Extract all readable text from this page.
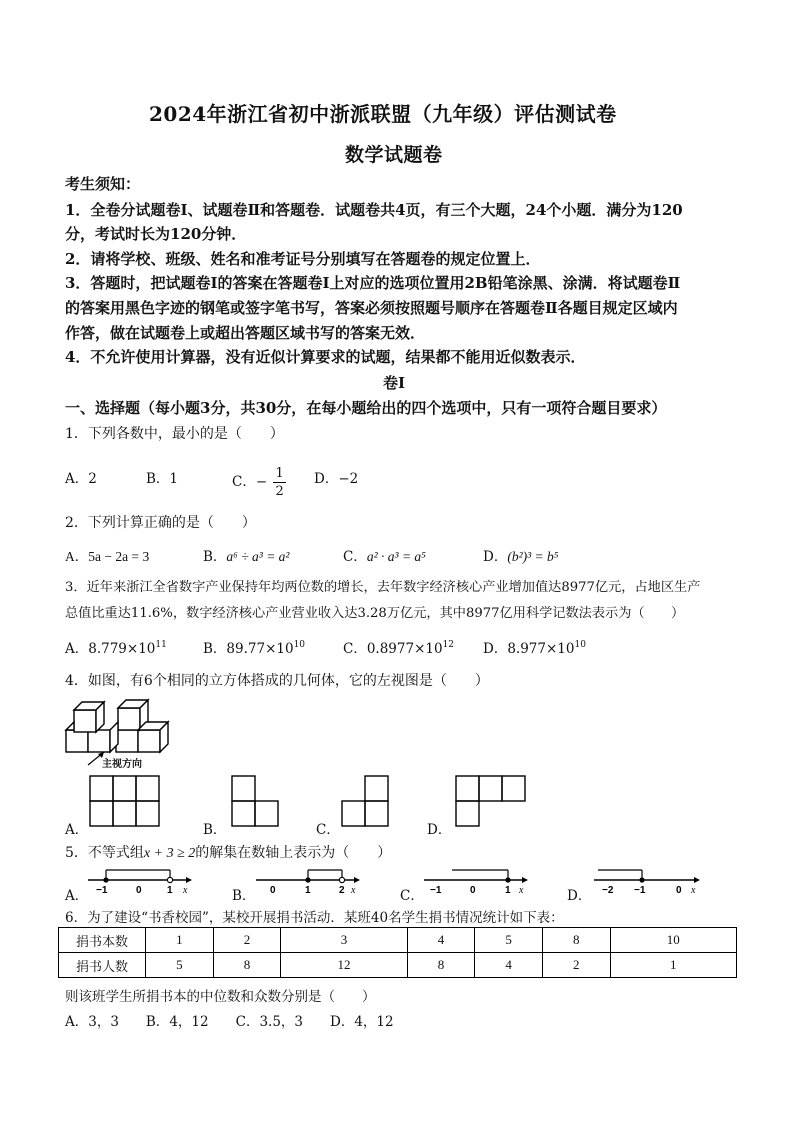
2024年浙江省初中浙派联盟（九年级）评估测试卷
数学试题卷
考生须知：
1．全卷分试题卷Ⅰ、试题卷Ⅱ和答题卷．试题卷共4页，有三个大题，24个小题．满分为120
分，考试时长为120分钟．
2．请将学校、班级、姓名和准考证号分别填写在答题卷的规定位置上．
3．答题时，把试题卷Ⅰ的答案在答题卷Ⅰ上对应的选项位置用2B铅笔涂黑、涂满．将试题卷Ⅱ
的答案用黑色字迹的钢笔或签字笔书写，答案必须按照题号顺序在答题卷Ⅱ各题目规定区域内
作答，做在试题卷上或超出答题区域书写的答案无效．
4．不允许使用计算器，没有近似计算要求的试题，结果都不能用近似数表示．
卷Ⅰ
一、选择题（每小题3分，共30分，在每小题给出的四个选项中，只有一项符合题目要求）
1．下列各数中，最小的是（　　）
A．2	B．1	C．− $\frac{1}{2}$ D．−2
2．下列计算正确的是（　　）
A．5a − 2a = 3	B．a⁶ ÷ a³ = a²	C．a² · a³ = a⁵	D．(b²)³ = b⁵
3．近年来浙江全省数字产业保持年均两位数的增长，去年数字经济核心产业增加值达8977亿元，占地区生产
总值比重达11.6%，数字经济核心产业营业收入达3.28万亿元，其中8977亿用科学记数法表示为（　　）
A．$8.779\times 10^{11}$	B．$89.77\times 10^{10}$	C．$0.8977\times 10^{12}$ D．$8.977\times 10^{10}$
4．如图，有6个相同的立方体搭成的几何体，它的左视图是（　　）
主视方向
A．	B．	C．	D．
5．不等式组x + 3 ≥ 2的解集在数轴上表示为（　　）
A． −1	0	1 x	B． 0	1	2 x	C． −1	0	1 x	D． −2 −1	0 x
6．为了建设“书香校园”，某校开展捐书活动．某班40名学生捐书情况统计如下表：
捐书本数	1	2	3	4	5	8	10
捐书人数	5	8	12	8	4	2	1
则该班学生所捐书本的中位数和众数分别是（　　）
A．3，3　　B．4，12　　C．3.5，3　　D．4，12
